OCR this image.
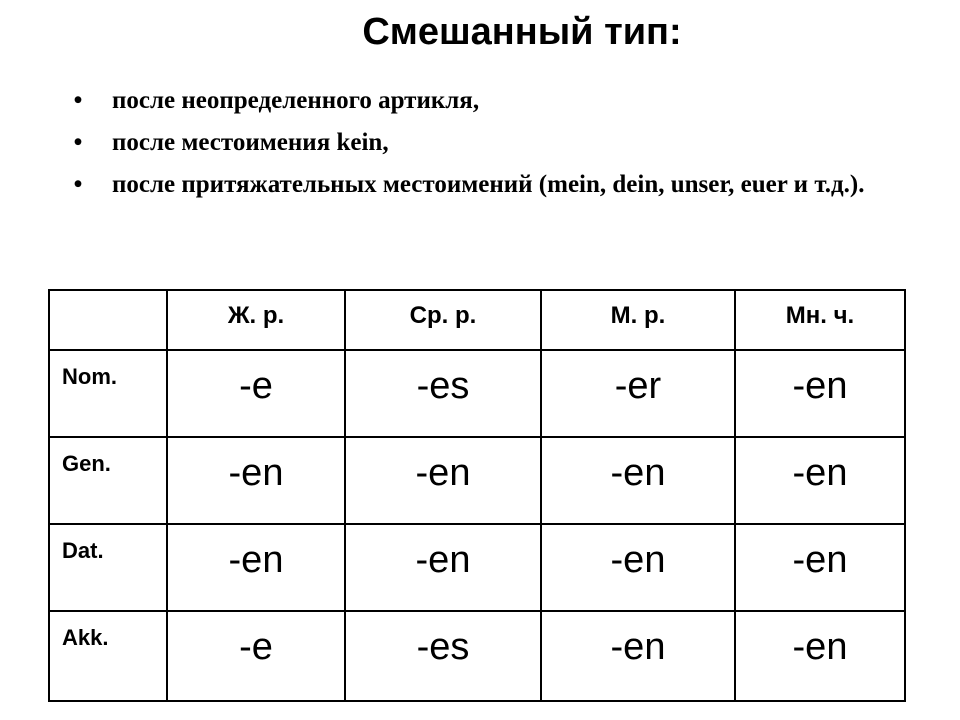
Смешанный тип:
• после неопределенного артикля,
• после местоимения kein,
• после притяжательных местоимений (mein, dein, unser, euer и т.д.).
	Ж. р.	Ср. р.	М. р.	Мн. ч.
Nom.	-e	-es	-er	-en
Gen.	-en	-en	-en	-en
Dat.	-en	-en	-en	-en
Akk.	-e	-es	-en	-en
